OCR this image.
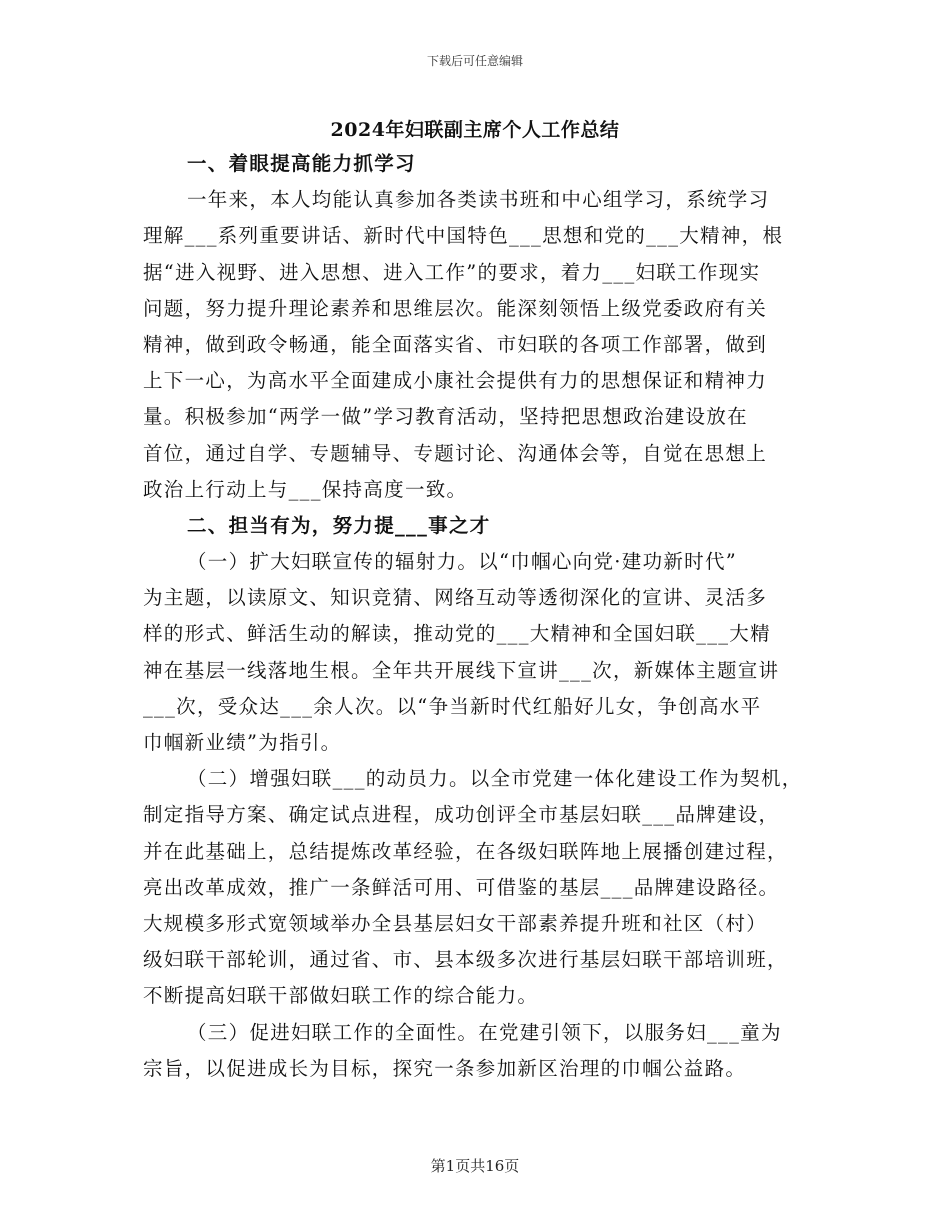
下载后可任意编辑
2024年妇联副主席个人工作总结
一、着眼提高能力抓学习
一年来，本人均能认真参加各类读书班和中心组学习，系统学习
理解___系列重要讲话、新时代中国特色___思想和党的___大精神，根
据“进入视野、进入思想、进入工作”的要求，着力___妇联工作现实
问题，努力提升理论素养和思维层次。能深刻领悟上级党委政府有关
精神，做到政令畅通，能全面落实省、市妇联的各项工作部署，做到
上下一心，为高水平全面建成小康社会提供有力的思想保证和精神力
量。积极参加“两学一做”学习教育活动，坚持把思想政治建设放在
首位，通过自学、专题辅导、专题讨论、沟通体会等，自觉在思想上
政治上行动上与___保持高度一致。
二、担当有为，努力提___事之才
（一）扩大妇联宣传的辐射力。以“巾帼心向党·建功新时代”
为主题，以读原文、知识竞猜、网络互动等透彻深化的宣讲、灵活多
样的形式、鲜活生动的解读，推动党的___大精神和全国妇联___大精
神在基层一线落地生根。全年共开展线下宣讲___次，新媒体主题宣讲
___次，受众达___余人次。以“争当新时代红船好儿女，争创高水平
巾帼新业绩”为指引。
（二）增强妇联___的动员力。以全市党建一体化建设工作为契机，
制定指导方案、确定试点进程，成功创评全市基层妇联___品牌建设，
并在此基础上，总结提炼改革经验，在各级妇联阵地上展播创建过程，
亮出改革成效，推广一条鲜活可用、可借鉴的基层___品牌建设路径。
大规模多形式宽领域举办全县基层妇女干部素养提升班和社区（村）
级妇联干部轮训，通过省、市、县本级多次进行基层妇联干部培训班，
不断提高妇联干部做妇联工作的综合能力。
（三）促进妇联工作的全面性。在党建引领下，以服务妇___童为
宗旨，以促进成长为目标，探究一条参加新区治理的巾帼公益路。
第1页共16页
